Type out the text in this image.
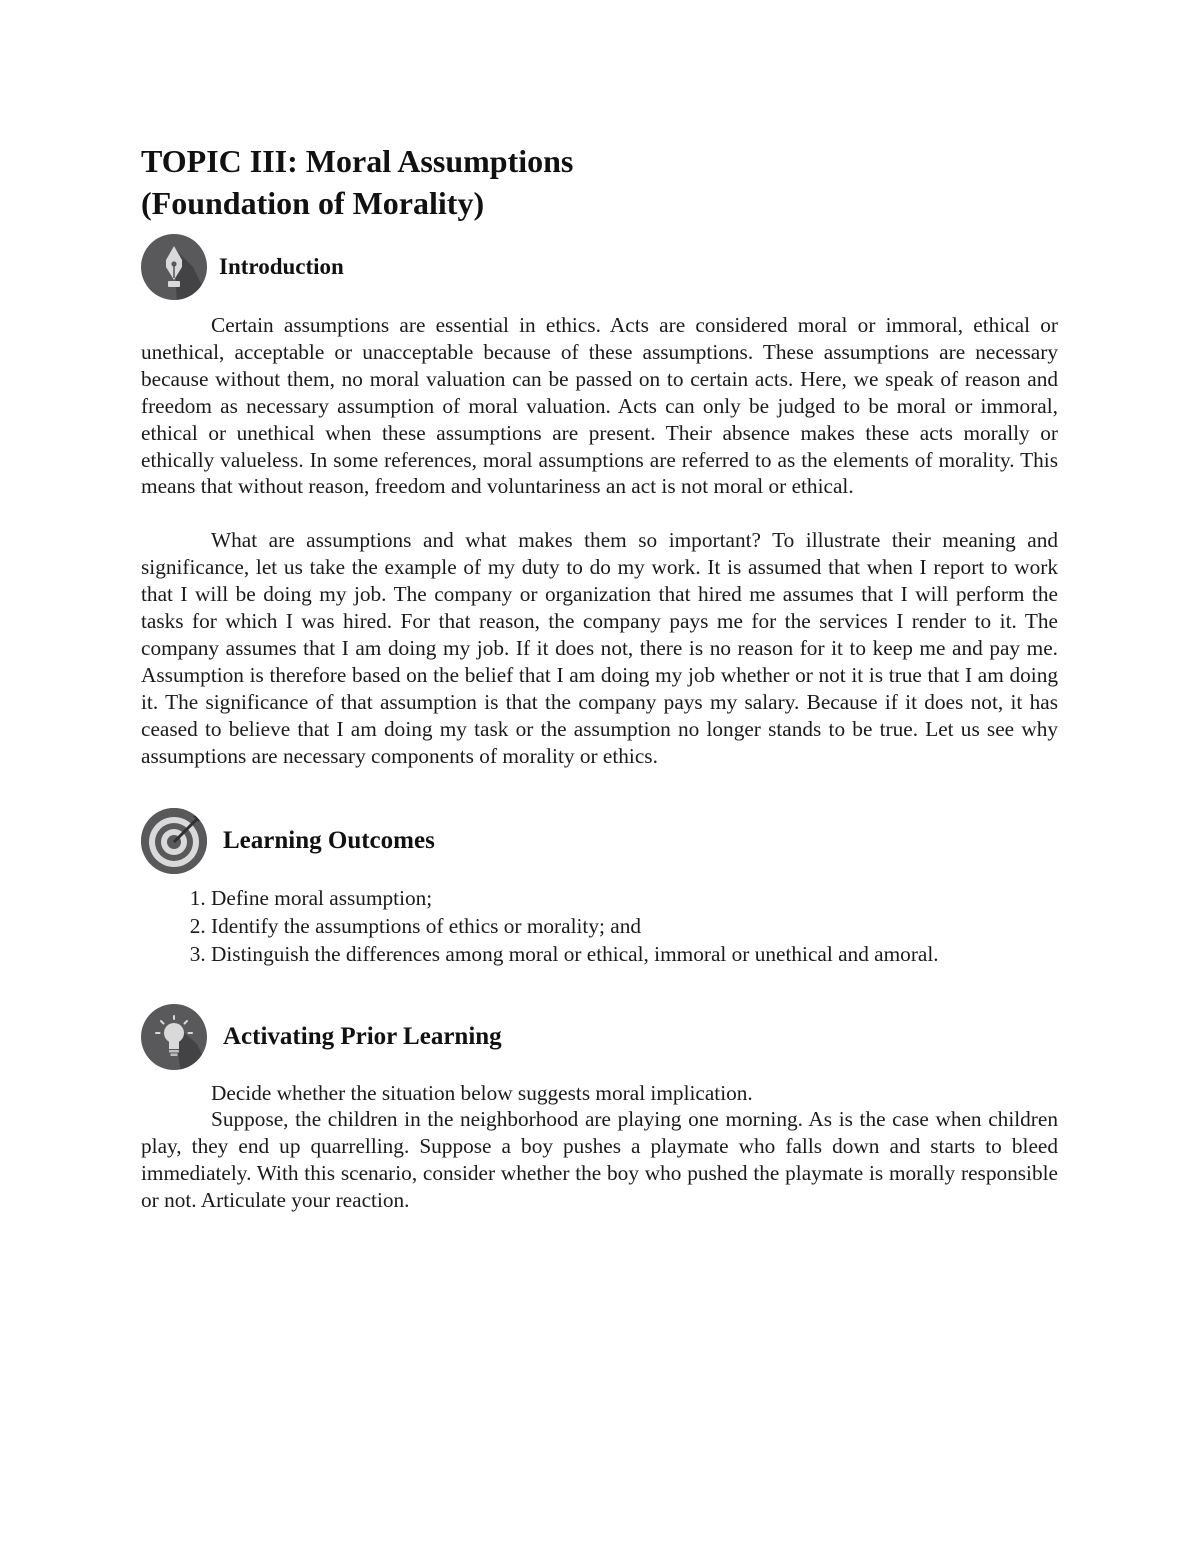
TOPIC III: Moral Assumptions
(Foundation of Morality)
Introduction

Certain assumptions are essential in ethics. Acts are considered moral or immoral, ethical or unethical, acceptable or unacceptable because of these assumptions. These assumptions are necessary because without them, no moral valuation can be passed on to certain acts. Here, we speak of reason and freedom as necessary assumption of moral valuation. Acts can only be judged to be moral or immoral, ethical or unethical when these assumptions are present. Their absence makes these acts morally or ethically valueless. In some references, moral assumptions are referred to as the elements of morality. This means that without reason, freedom and voluntariness an act is not moral or ethical.

What are assumptions and what makes them so important? To illustrate their meaning and significance, let us take the example of my duty to do my work. It is assumed that when I report to work that I will be doing my job. The company or organization that hired me assumes that I will perform the tasks for which I was hired. For that reason, the company pays me for the services I render to it. The company assumes that I am doing my job. If it does not, there is no reason for it to keep me and pay me. Assumption is therefore based on the belief that I am doing my job whether or not it is true that I am doing it. The significance of that assumption is that the company pays my salary. Because if it does not, it has ceased to believe that I am doing my task or the assumption no longer stands to be true. Let us see why assumptions are necessary components of morality or ethics.

Learning Outcomes
1. Define moral assumption;
2. Identify the assumptions of ethics or morality; and
3. Distinguish the differences among moral or ethical, immoral or unethical and amoral.
Activating Prior Learning

Decide whether the situation below suggests moral implication.

Suppose, the children in the neighborhood are playing one morning. As is the case when children play, they end up quarrelling. Suppose a boy pushes a playmate who falls down and starts to bleed immediately. With this scenario, consider whether the boy who pushed the playmate is morally responsible or not. Articulate your reaction.
